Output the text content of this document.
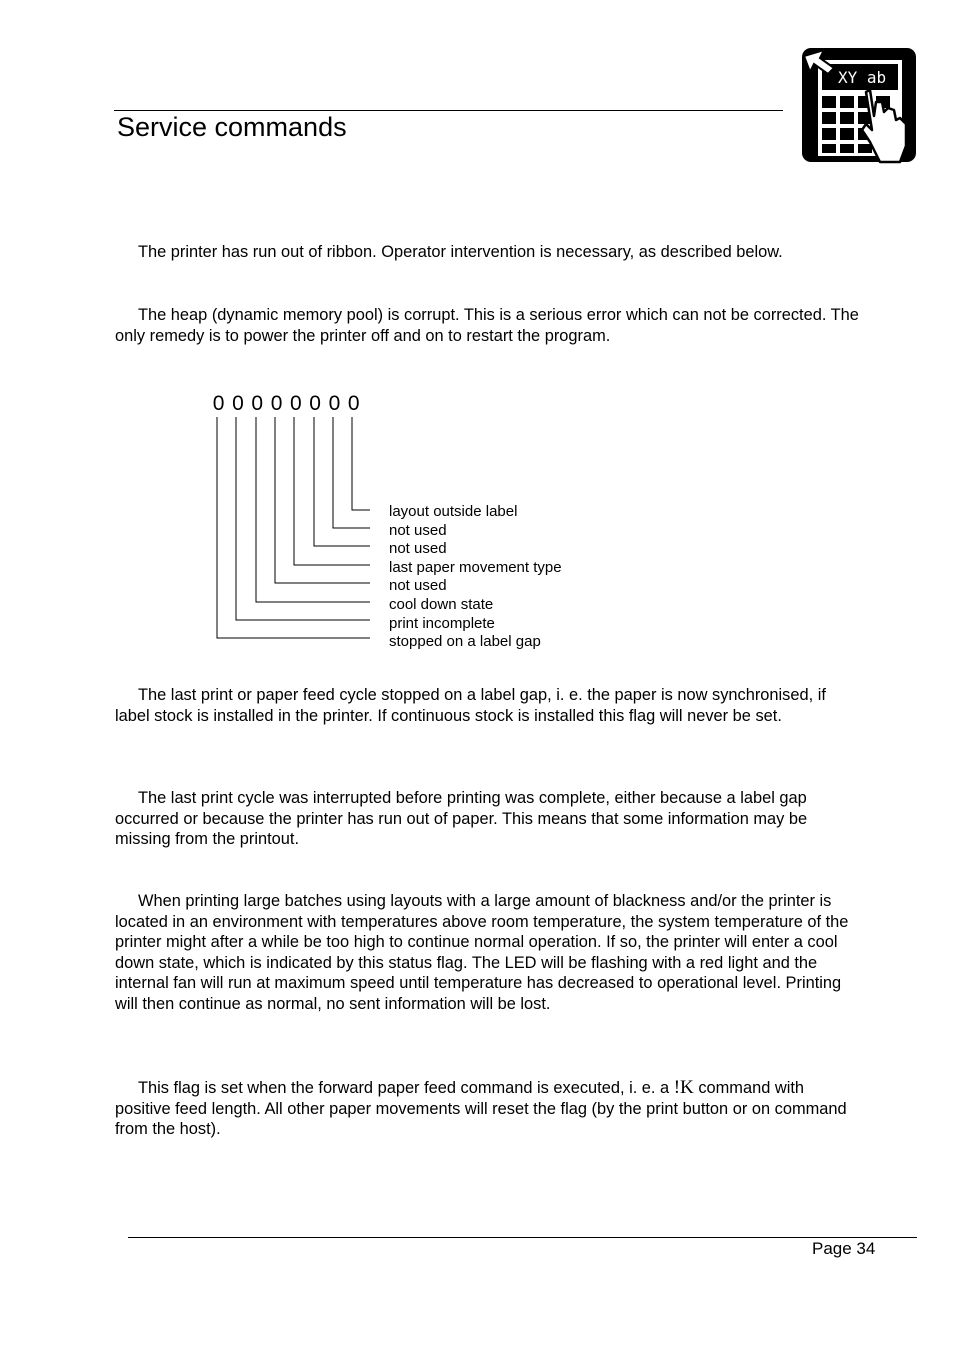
Service commands
XY ab

The printer has run out of ribbon. Operator intervention is necessary, as described below.

The heap (dynamic memory pool) is corrupt. This is a serious error which can not be corrected. The only remedy is to power the printer off and on to restart the program.

0 0 0 0 0 0 0 0
layout outside label
not used
not used
last paper movement type
not used
cool down state
print incomplete
stopped on a label gap

The last print or paper feed cycle stopped on a label gap, i. e. the paper is now synchronised, if label stock is installed in the printer. If continuous stock is installed this flag will never be set.

The last print cycle was interrupted before printing was complete, either because a label gap occurred or because the printer has run out of paper. This means that some information may be missing from the printout.

When printing large batches using layouts with a large amount of blackness and/or the printer is located in an environment with temperatures above room temperature, the system temperature of the printer might after a while be too high to continue normal operation. If so, the printer will enter a cool down state, which is indicated by this status flag. The LED will be flashing with a red light and the internal fan will run at maximum speed until temperature has decreased to operational level. Printing will then continue as normal, no sent information will be lost.

This flag is set when the forward paper feed command is executed, i. e. a !K command with positive feed length. All other paper movements will reset the flag (by the print button or on command from the host).

Page 34
